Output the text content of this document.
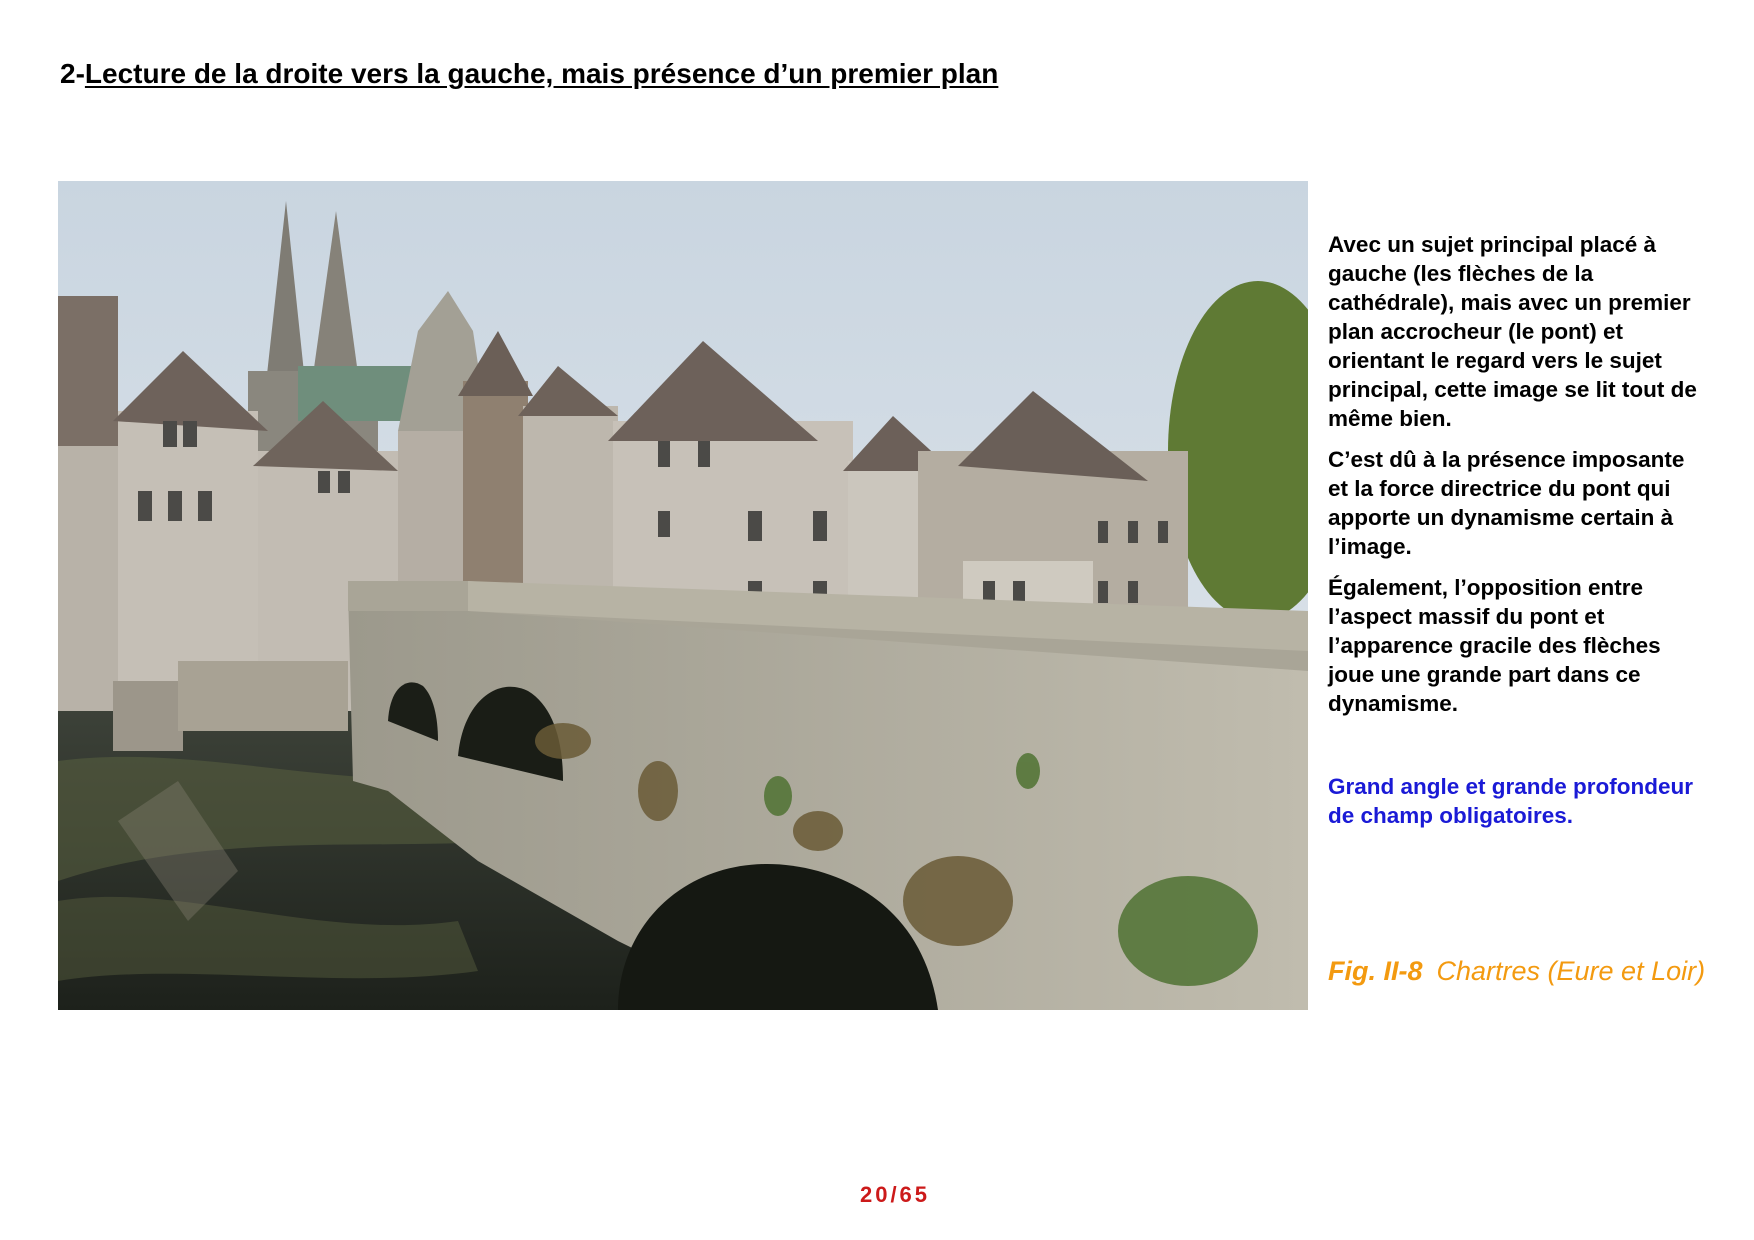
2-Lecture de la droite vers la gauche, mais présence d’un premier plan
Avec un sujet principal placé à gauche (les flèches de la cathédrale), mais avec un premier plan accrocheur (le pont) et orientant le regard vers le sujet principal, cette image se lit tout de même bien.
C’est dû à la présence imposante et la force directrice du pont qui apporte un dynamisme certain à l’image.
Également, l’opposition entre l’aspect massif du pont et l’apparence gracile des flèches joue une grande part dans ce dynamisme.
Grand angle et grande profondeur de champ obligatoires.
Fig. II-8 Chartres (Eure et Loir)
20/65
